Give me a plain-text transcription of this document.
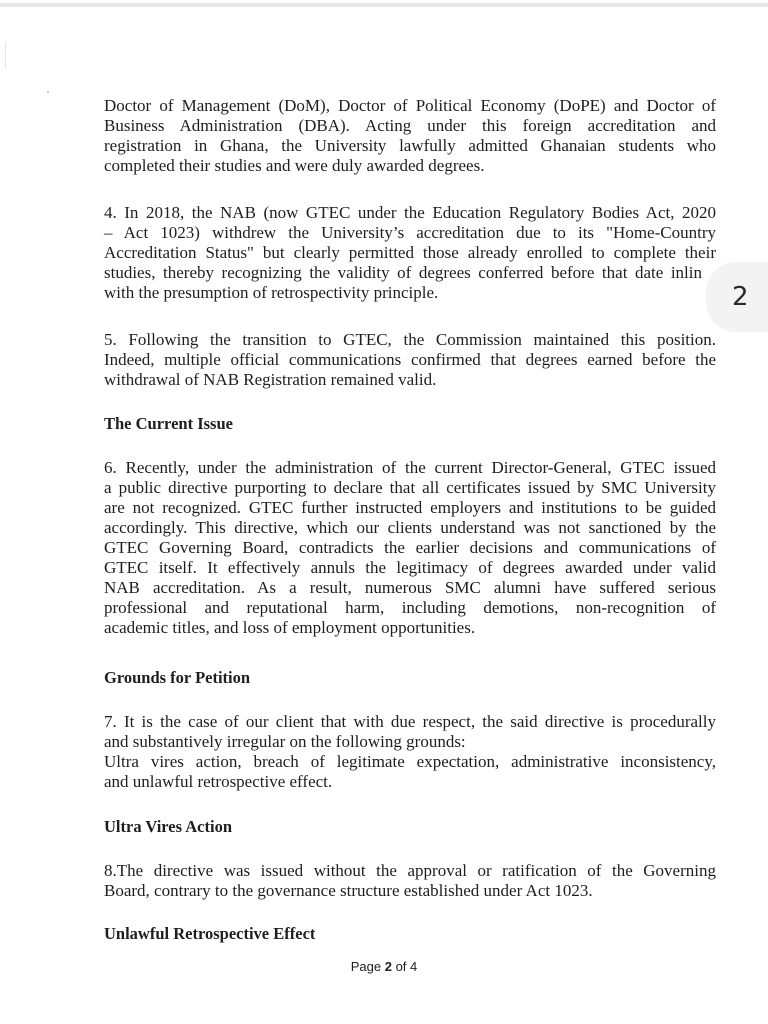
2
Doctor of Management (DoM), Doctor of Political Economy (DoPE) and Doctor of
Business Administration (DBA). Acting under this foreign accreditation and
registration in Ghana, the University lawfully admitted Ghanaian students who
completed their studies and were duly awarded degrees.
4. In 2018, the NAB (now GTEC under the Education Regulatory Bodies Act, 2020
– Act 1023) withdrew the University’s accreditation due to its "Home-Country
Accreditation Status" but clearly permitted those already enrolled to complete their
studies, thereby recognizing the validity of degrees conferred before that date inlin
with the presumption of retrospectivity principle.
5. Following the transition to GTEC, the Commission maintained this position.
Indeed, multiple official communications confirmed that degrees earned before the
withdrawal of NAB Registration remained valid.
The Current Issue
6. Recently, under the administration of the current Director-General, GTEC issued
a public directive purporting to declare that all certificates issued by SMC University
are not recognized. GTEC further instructed employers and institutions to be guided
accordingly. This directive, which our clients understand was not sanctioned by the
GTEC Governing Board, contradicts the earlier decisions and communications of
GTEC itself. It effectively annuls the legitimacy of degrees awarded under valid
NAB accreditation. As a result, numerous SMC alumni have suffered serious
professional and reputational harm, including demotions, non-recognition of
academic titles, and loss of employment opportunities.
Grounds for Petition
7. It is the case of our client that with due respect, the said directive is procedurally
and substantively irregular on the following grounds:
Ultra vires action, breach of legitimate expectation, administrative inconsistency,
and unlawful retrospective effect.
Ultra Vires Action
8.The directive was issued without the approval or ratification of the Governing
Board, contrary to the governance structure established under Act 1023.
Unlawful Retrospective Effect
Page 2 of 4
